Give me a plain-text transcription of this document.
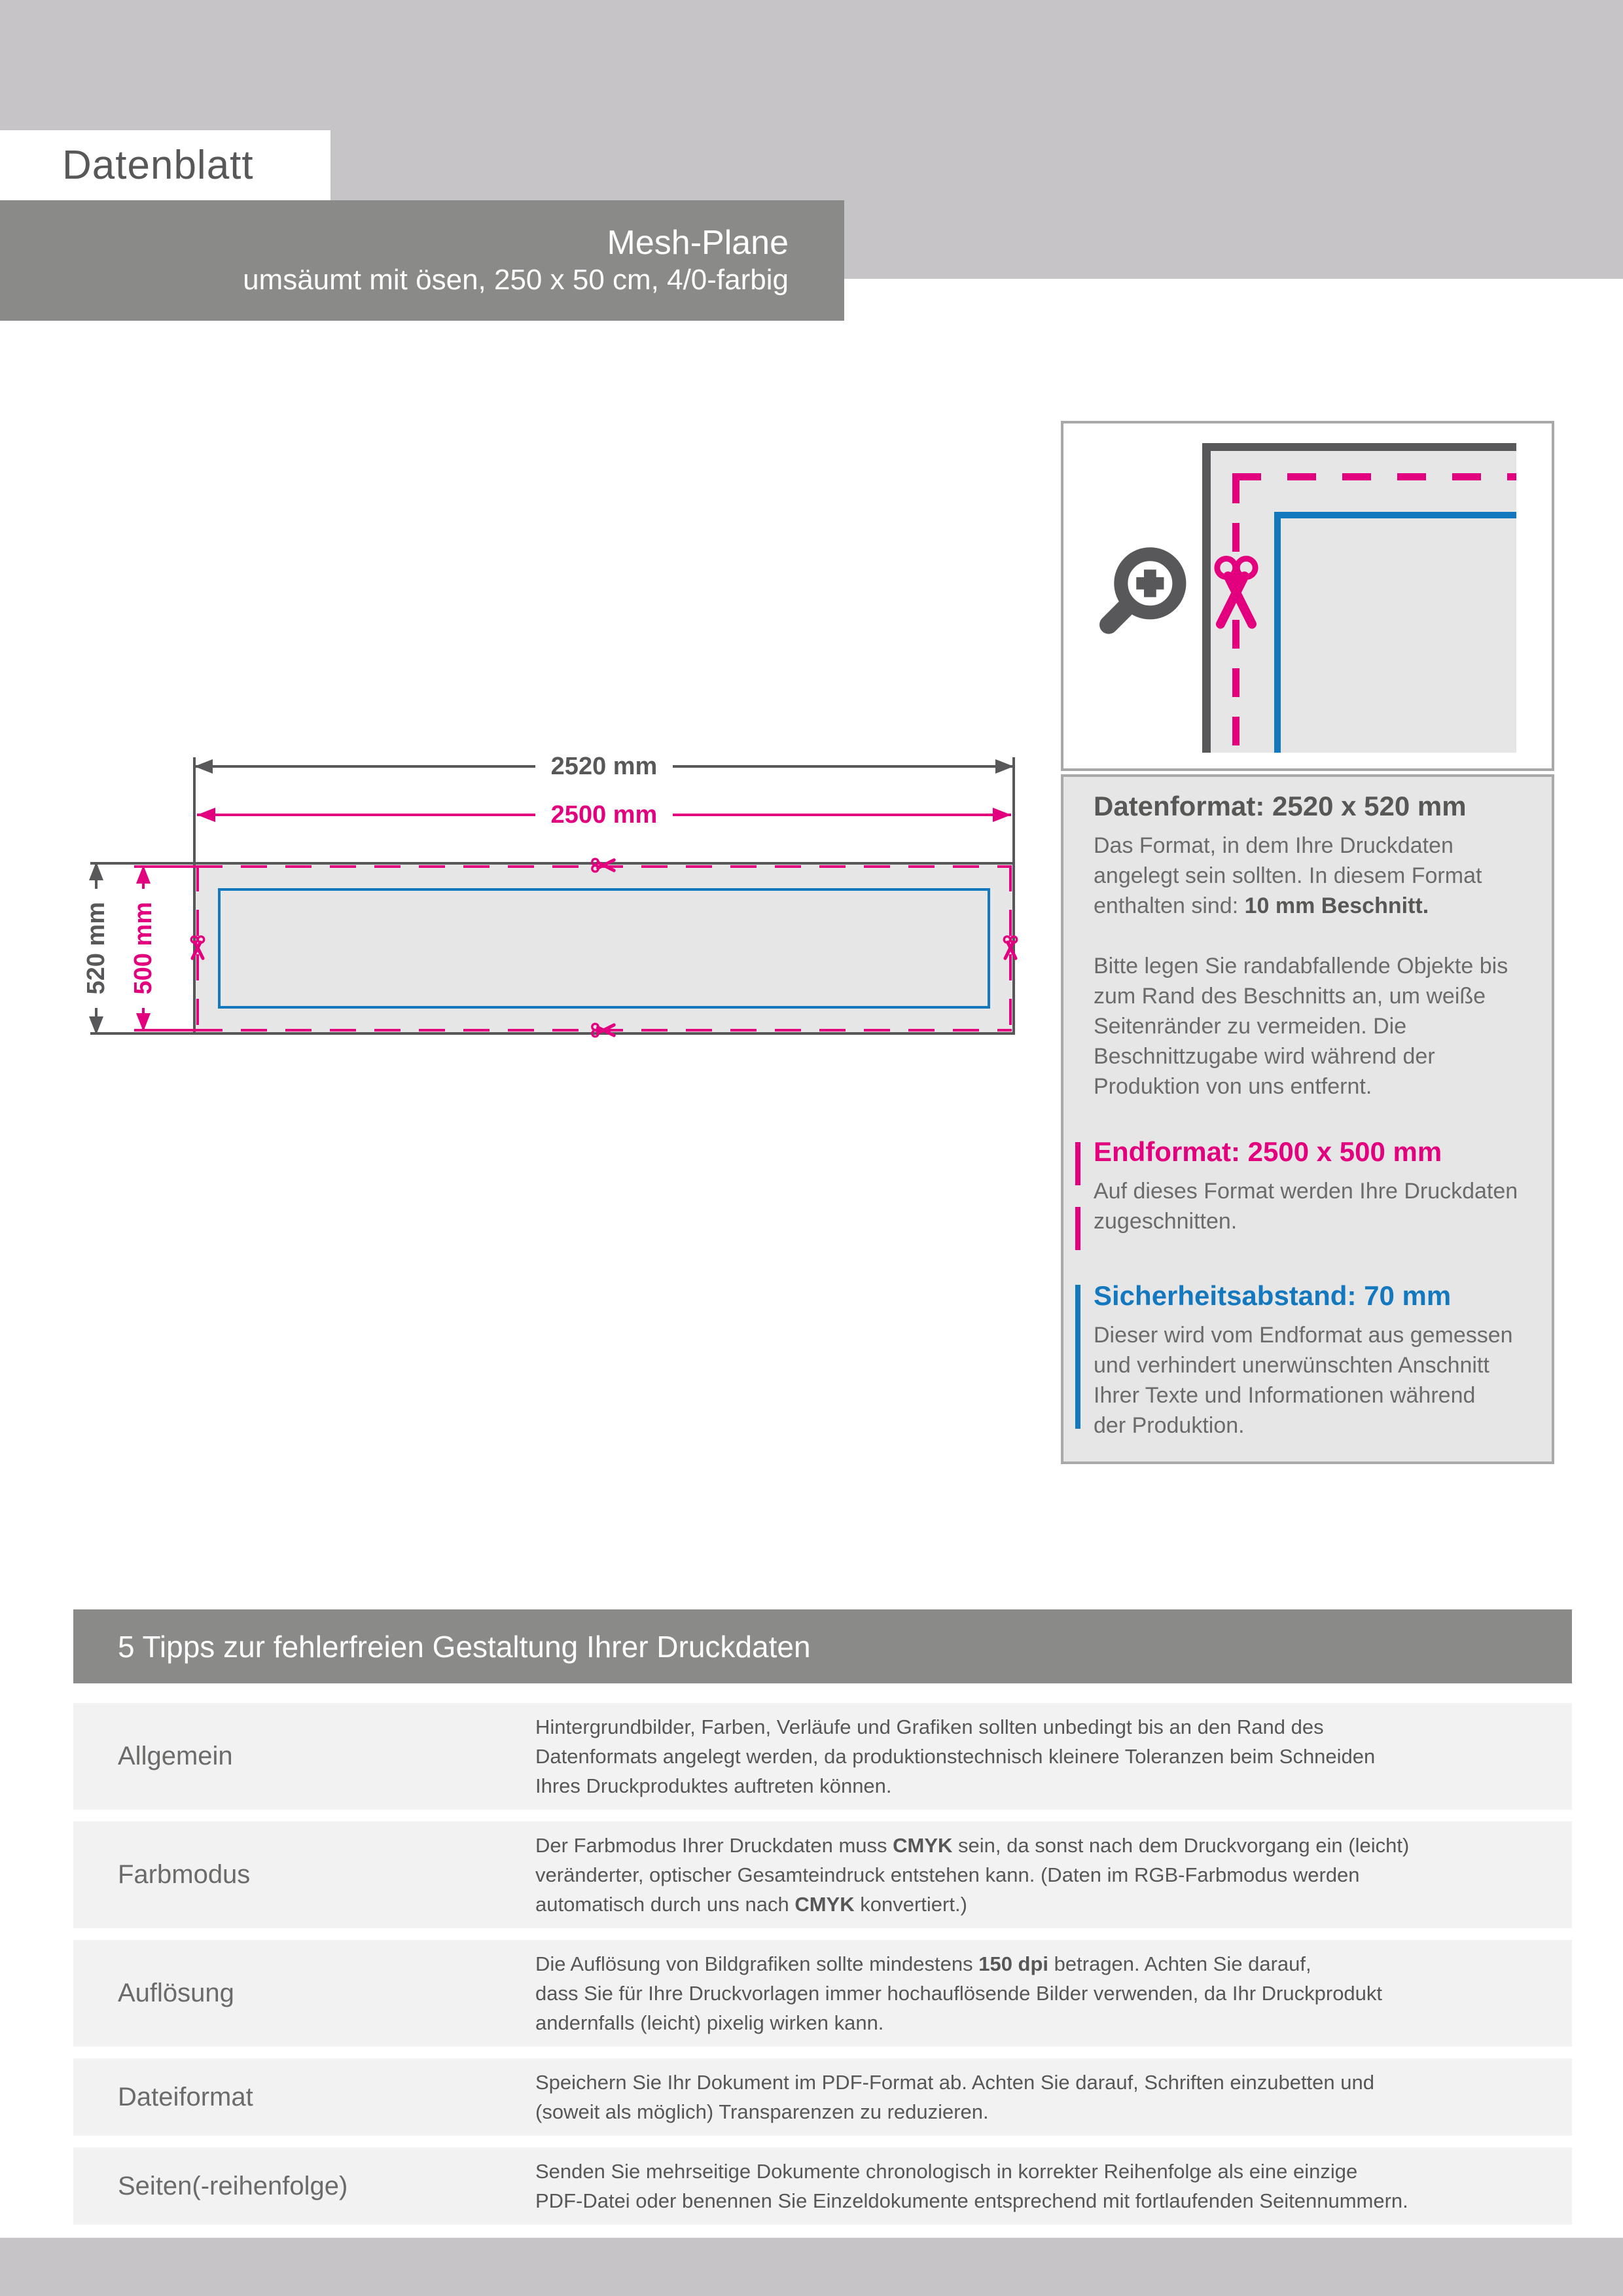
Datenblatt
Mesh-Plane
umsäumt mit ösen, 250 x 50 cm, 4/0-farbig
2520 mm
2500 mm
520 mm 500 mm
Datenformat: 2520 x 520 mm
Das Format, in dem Ihre Druckdaten
angelegt sein sollten. In diesem Format
enthalten sind: 10 mm Beschnitt.
Bitte legen Sie randabfallende Objekte bis
zum Rand des Beschnitts an, um weiße
Seitenränder zu vermeiden. Die
Beschnittzugabe wird während der
Produktion von uns entfernt.
Endformat: 2500 x 500 mm
Auf dieses Format werden Ihre Druckdaten
zugeschnitten.
Sicherheitsabstand: 70 mm
Dieser wird vom Endformat aus gemessen
und verhindert unerwünschten Anschnitt
Ihrer Texte und Informationen während
der Produktion.
5 Tipps zur fehlerfreien Gestaltung Ihrer Druckdaten
Allgemein
Hintergrundbilder, Farben, Verläufe und Grafiken sollten unbedingt bis an den Rand des
Datenformats angelegt werden, da produktionstechnisch kleinere Toleranzen beim Schneiden
Ihres Druckproduktes auftreten können.
Farbmodus
Der Farbmodus Ihrer Druckdaten muss CMYK sein, da sonst nach dem Druckvorgang ein (leicht)
veränderter, optischer Gesamteindruck entstehen kann. (Daten im RGB-Farbmodus werden
automatisch durch uns nach CMYK konvertiert.)
Auflösung
Die Auflösung von Bildgrafiken sollte mindestens 150 dpi betragen. Achten Sie darauf,
dass Sie für Ihre Druckvorlagen immer hochauflösende Bilder verwenden, da Ihr Druckprodukt
andernfalls (leicht) pixelig wirken kann.
Dateiformat	Speichern Sie Ihr Dokument im PDF-Format ab. Achten Sie darauf, Schriften einzubetten und
(soweit als möglich) Transparenzen zu reduzieren.
Seiten(-reihenfolge)	Senden Sie mehrseitige Dokumente chronologisch in korrekter Reihenfolge als eine einzige
PDF-Datei oder benennen Sie Einzeldokumente entsprechend mit fortlaufenden Seitennummern.
